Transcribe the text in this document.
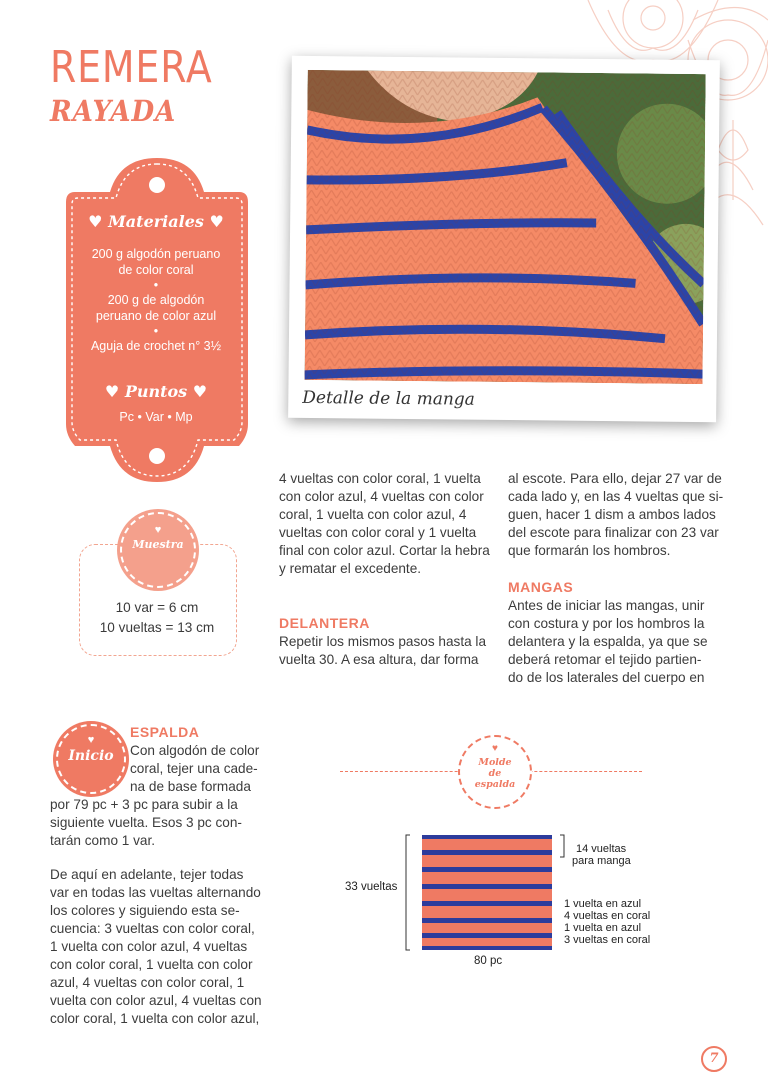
REMERA
RAYADA
Detalle de la manga
♥ Materiales ♥
200 g algodón peruano
de color coral
•
200 g de algodón
peruano de color azul
•
Aguja de crochet n° 3½
♥ Puntos ♥
Pc • Var • Mp
♥
Muestra
10 var = 6 cm
10 vueltas = 13 cm
♥
Inicio
ESPALDA

Con algodón de color

coral, tejer una cade-

na de base formada

por 79 pc + 3 pc para subir a la

siguiente vuelta. Esos 3 pc con-

tarán como 1 var.

De aquí en adelante, tejer todas

var en todas las vueltas alternando

los colores y siguiendo esta se-

cuencia: 3 vueltas con color coral,

1 vuelta con color azul, 4 vueltas

con color coral, 1 vuelta con color

azul, 4 vueltas con color coral, 1

vuelta con color azul, 4 vueltas con

color coral, 1 vuelta con color azul,

4 vueltas con color coral, 1 vuelta

con color azul, 4 vueltas con color

coral, 1 vuelta con color azul, 4

vueltas con color coral y 1 vuelta

final con color azul. Cortar la hebra

y rematar el excedente.

DELANTERA

Repetir los mismos pasos hasta la

vuelta 30. A esa altura, dar forma

al escote. Para ello, dejar 27 var de

cada lado y, en las 4 vueltas que si-

guen, hacer 1 dism a ambos lados

del escote para finalizar con 23 var

que formarán los hombros.

MANGAS

Antes de iniciar las mangas, unir

con costura y por los hombros la

delantera y la espalda, ya que se

deberá retomar el tejido partien-

do de los laterales del cuerpo en

♥
Molde
de
espalda
33 vueltas
80 pc
14 vueltas
para manga
1 vuelta en azul
4 vueltas en coral
1 vuelta en azul
3 vueltas en coral
7
